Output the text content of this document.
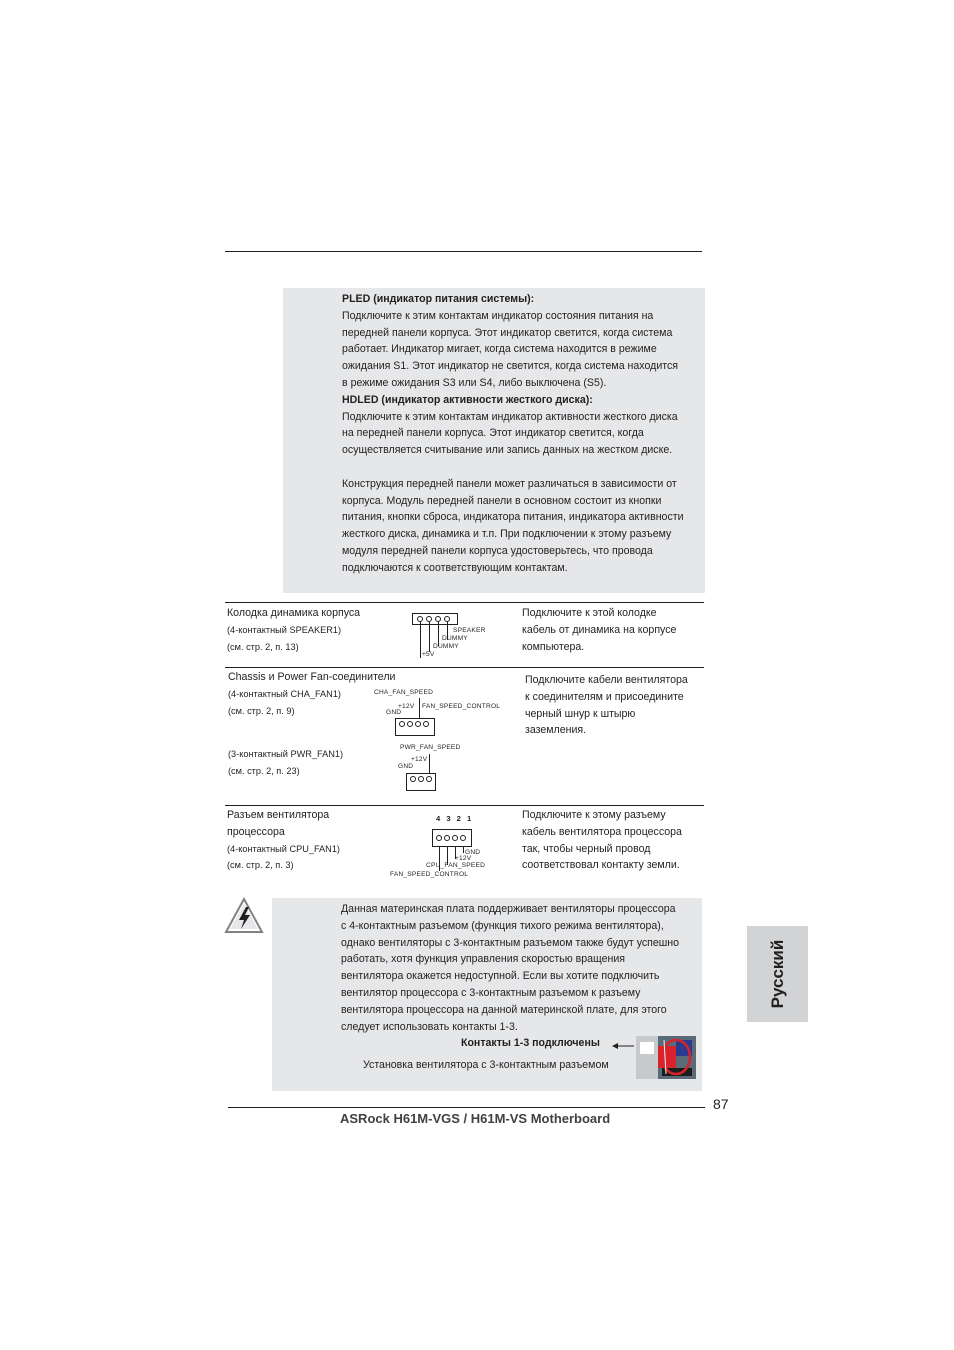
PLED (индикатор питания системы):
Подключите к этим контактам индикатор состояния питания на
передней панели корпуса. Этот индикатор светится, когда система
работает. Индикатор мигает, когда система находится в режиме
ожидания S1. Этот индикатор не светится, когда система находится
в режиме ожидания S3 или S4, либо выключена (S5).
HDLED (индикатор активности жесткого диска):
Подключите к этим контактам индикатор активности жесткого диска
на передней панели корпуса. Этот индикатор светится, когда
осуществляется считывание или запись данных на жестком диске.
Конструкция передней панели может различаться в зависимости от
корпуса. Модуль передней панели в основном состоит из кнопки
питания, кнопки сброса, индикатора питания, индикатора активности
жесткого диска, динамика и т.п. При подключении к этому разъему
модуля передней панели корпуса удостоверьтесь, что провода
подключаются к соответствующим контактам.
Колодка динамика корпуса
(4-контактный SPEAKER1)
(см. стр. 2, п. 13)
SPEAKER
DUMMY
DUMMY
+5V
Подключите к этой колодке
кабель от динамика на корпусе
компьютера.
Chassis и Power Fan-соединители
(4-контактный CHA_FAN1)
(см. стр. 2, п. 9)
(3-контактный PWR_FAN1)
(см. стр. 2, п. 23)
CHA_FAN_SPEED
+12V
GND
FAN_SPEED_CONTROL
PWR_FAN_SPEED
+12V
GND
Подключите кабели вентилятора
к соединителям и присоедините
черный шнур к штырю
заземления.
Разъем вентилятора
процессора
(4-контактный CPU_FAN1)
(см. стр. 2, п. 3)
4 3 2 1
GND
+12V
CPU_FAN_SPEED
FAN_SPEED_CONTROL
Подключите к этому разъему
кабель вентилятора процессора
так, чтобы черный провод
соответствовал контакту земли.
Данная материнская плата поддерживает вентиляторы процессора
с 4-контактным разъемом (функция тихого режима вентилятора),
однако вентиляторы с 3-контактным разъемом также будут успешно
работать, хотя функция управления скоростью вращения
вентилятора окажется недоступной. Если вы хотите подключить
вентилятор процессора с 3-контактным разъемом к разъему
вентилятора процессора на данной материнской плате, для этого
следует использовать контакты 1-3.
Контакты 1-3 подключены
Установка вентилятора с 3-контактным разъемом
Русский
87
ASRock H61M-VGS / H61M-VS Motherboard
